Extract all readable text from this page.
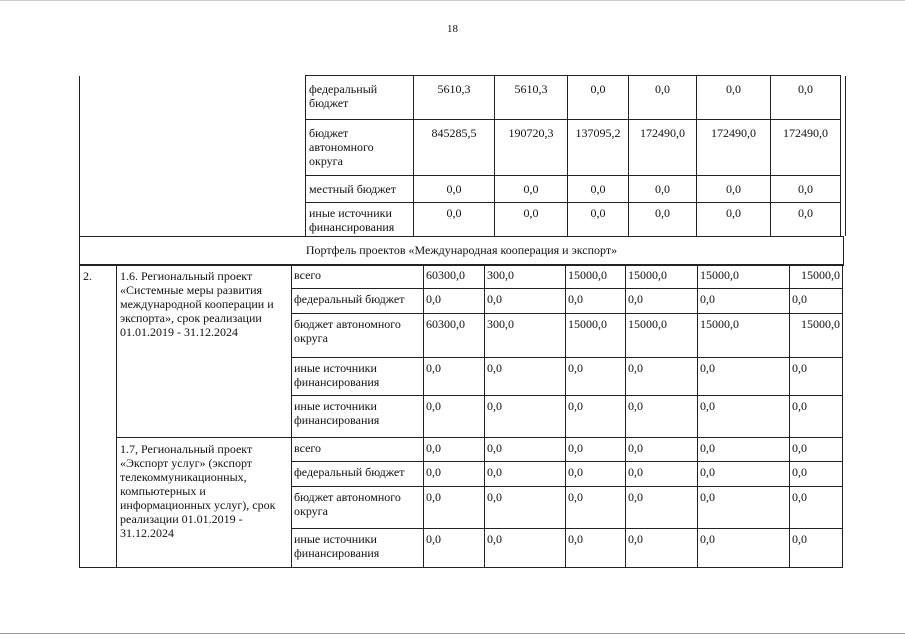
18
федеральный бюджет	5610,3	5610,3	0,0	0,0	0,0	0,0
бюджет автономного округа	845285,5	190720,3	137095,2	172490,0	172490,0	172490,0
местный бюджет	0,0	0,0	0,0	0,0	0,0	0,0
иные источники финансирования	0,0	0,0	0,0	0,0	0,0	0,0
Портфель проектов «Международная кооперация и экспорт»
2.	1.6. Региональный проект «Системные меры развития международной кооперации и экспорта», срок реализации 01.01.2019 - 31.12.2024	всего	60300,0	300,0	15000,0	15000,0	15000,0	15000,0
		федеральный бюджет	0,0	0,0	0,0	0,0	0,0	0,0
		бюджет автономного округа	60300,0	300,0	15000,0	15000,0	15000,0	15000,0
		иные источники финансирования	0,0	0,0	0,0	0,0	0,0	0,0
		иные источники финансирования	0,0	0,0	0,0	0,0	0,0	0,0
	1.7, Региональный проект «Экспорт услуг» (экспорт телекоммуникационных, компьютерных и информационных услуг), срок реализации 01.01.2019 - 31.12.2024	всего	0,0	0,0	0,0	0,0	0,0	0,0
		федеральный бюджет	0,0	0,0	0,0	0,0	0,0	0,0
		бюджет автономного округа	0,0	0,0	0,0	0,0	0,0	0,0
		иные источники финансирования	0,0	0,0	0,0	0,0	0,0	0,0
